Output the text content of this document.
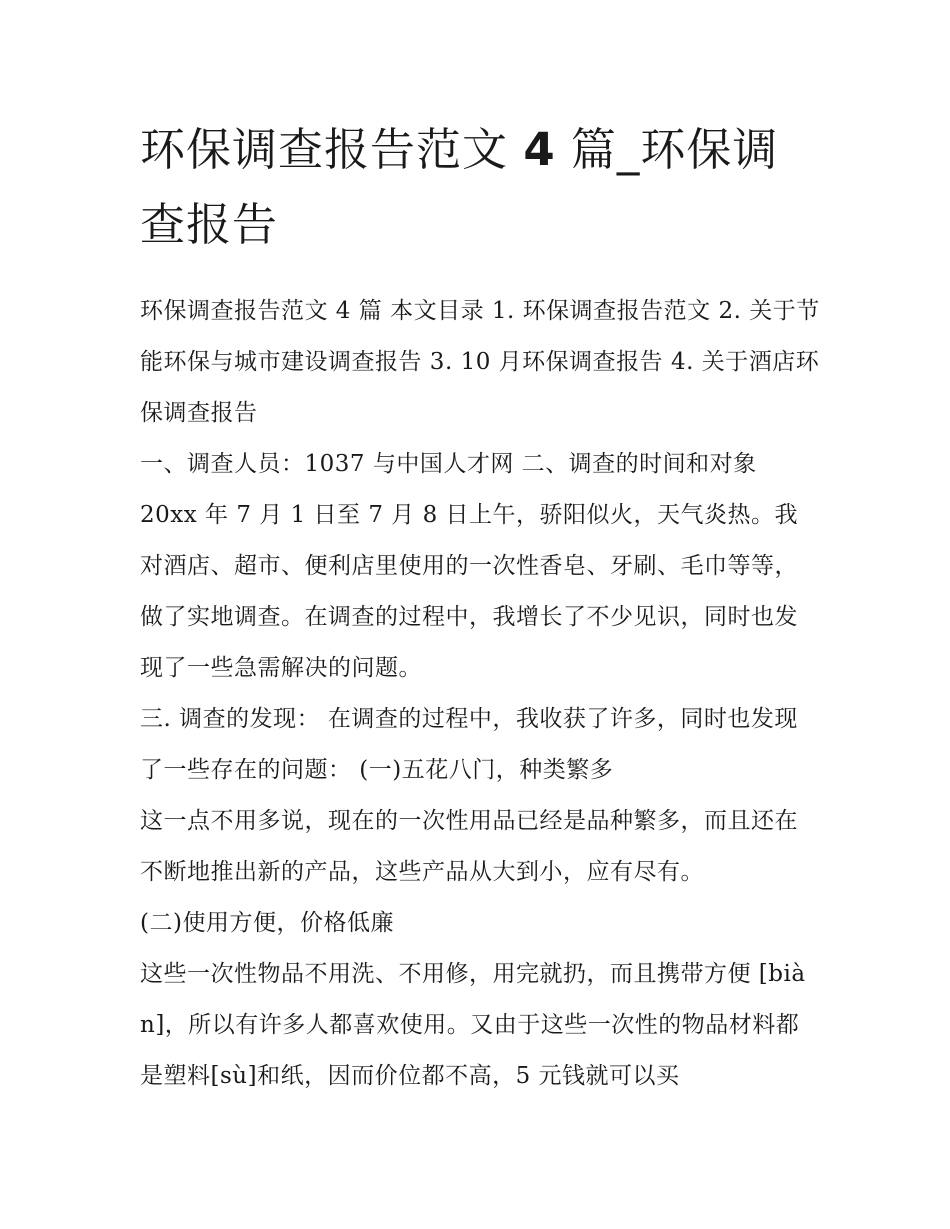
环保调查报告范文 4 篇_环保调查报告

环保调查报告范文 4 篇 本文目录 1. 环保调查报告范文 2. 关于节能环保与城市建设调查报告 3. 10 月环保调查报告 4. 关于酒店环保调查报告

一、调查人员：1037 与中国人才网 二、调查的时间和对象

20xx 年 7 月 1 日至 7 月 8 日上午，骄阳似火，天气炎热。我对酒店、超市、便利店里使用的一次性香皂、牙刷、毛巾等等，做了实地调查。在调查的过程中，我增长了不少见识，同时也发现了一些急需解决的问题。

三. 调查的发现： 在调查的过程中，我收获了许多，同时也发现了一些存在的问题： (一)五花八门，种类繁多

这一点不用多说，现在的一次性用品已经是品种繁多，而且还在不断地推出新的产品，这些产品从大到小，应有尽有。

(二)使用方便，价格低廉

这些一次性物品不用洗、不用修，用完就扔，而且携带方便 [biàn]，所以有许多人都喜欢使用。又由于这些一次性的物品材料都是塑料[sù]和纸，因而价位都不高，5 元钱就可以买
